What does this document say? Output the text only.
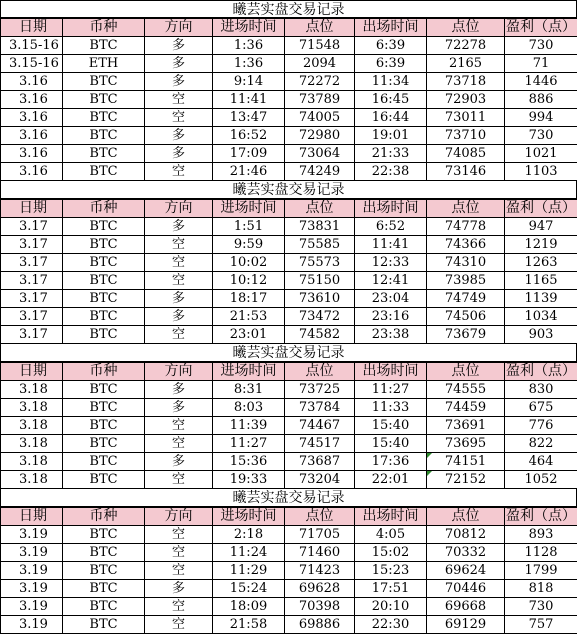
曦芸实盘交易记录
日期	币种	方向	进场时间	点位	出场时间	点位	盈利（点）
3.15-16	BTC	多	1:36	71548	6:39	72278	730
3.15-16	ETH	多	1:36	2094	6:39	2165	71
3.16	BTC	多	9:14	72272	11:34	73718	1446
3.16	BTC	空	11:41	73789	16:45	72903	886
3.16	BTC	空	13:47	74005	16:44	73011	994
3.16	BTC	多	16:52	72980	19:01	73710	730
3.16	BTC	多	17:09	73064	21:33	74085	1021
3.16	BTC	空	21:46	74249	22:38	73146	1103
曦芸实盘交易记录
日期	币种	方向	进场时间	点位	出场时间	点位	盈利（点）
3.17	BTC	多	1:51	73831	6:52	74778	947
3.17	BTC	空	9:59	75585	11:41	74366	1219
3.17	BTC	空	10:02	75573	12:33	74310	1263
3.17	BTC	空	10:12	75150	12:41	73985	1165
3.17	BTC	多	18:17	73610	23:04	74749	1139
3.17	BTC	多	21:53	73472	23:16	74506	1034
3.17	BTC	空	23:01	74582	23:38	73679	903
曦芸实盘交易记录
日期	币种	方向	进场时间	点位	出场时间	点位	盈利（点）
3.18	BTC	多	8:31	73725	11:27	74555	830
3.18	BTC	多	8:03	73784	11:33	74459	675
3.18	BTC	空	11:39	74467	15:40	73691	776
3.18	BTC	空	11:27	74517	15:40	73695	822
3.18	BTC	多	15:36	73687	17:36	74151	464
3.18	BTC	空	19:33	73204	22:01	72152	1052
曦芸实盘交易记录
日期	币种	方向	进场时间	点位	出场时间	点位	盈利（点）
3.19	BTC	空	2:18	71705	4:05	70812	893
3.19	BTC	空	11:24	71460	15:02	70332	1128
3.19	BTC	空	11:29	71423	15:23	69624	1799
3.19	BTC	多	15:24	69628	17:51	70446	818
3.19	BTC	空	18:09	70398	20:10	69668	730
3.19	BTC	空	21:58	69886	22:30	69129	757
